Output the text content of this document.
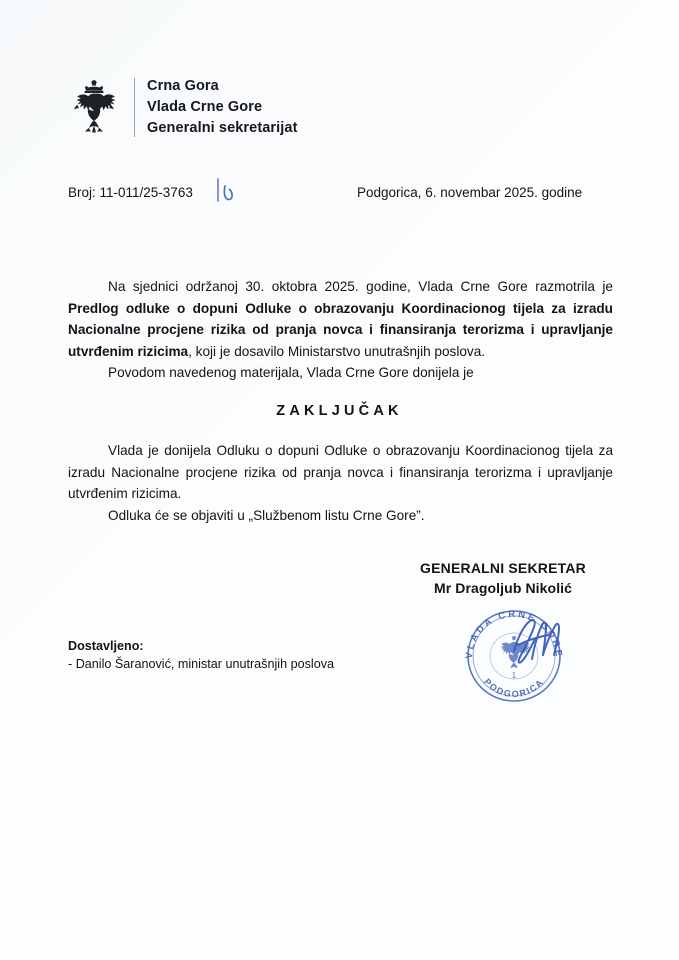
Crna Gora
Vlada Crne Gore
Generalni sekretarijat
Broj: 11-011/25-3763	Podgorica, 6. novembar 2025. godine

Na sjednici održanoj 30. oktobra 2025. godine, Vlada Crne Gore razmotrila je Predlog odluke o dopuni Odluke o obrazovanju Koordinacionog tijela za izradu Nacionalne procjene rizika od pranja novca i finansiranja terorizma i upravljanje utvrđenim rizicima, koji je dosavilo Ministarstvo unutrašnjih poslova.

Povodom navedenog materijala, Vlada Crne Gore donijela je

ZAKLJUČAK

Vlada je donijela Odluku o dopuni Odluke o obrazovanju Koordinacionog tijela za izradu Nacionalne procjene rizika od pranja novca i finansiranja terorizma i upravljanje utvrđenim rizicima.

Odluka će se objaviti u „Službenom listu Crne Gore”.

GENERALNI SEKRETAR
Mr Dragoljub Nikolić
VLADA CRNE GORE
PODGORICA
1
Dostavljeno:
- Danilo Šaranović, ministar unutrašnjih poslova
